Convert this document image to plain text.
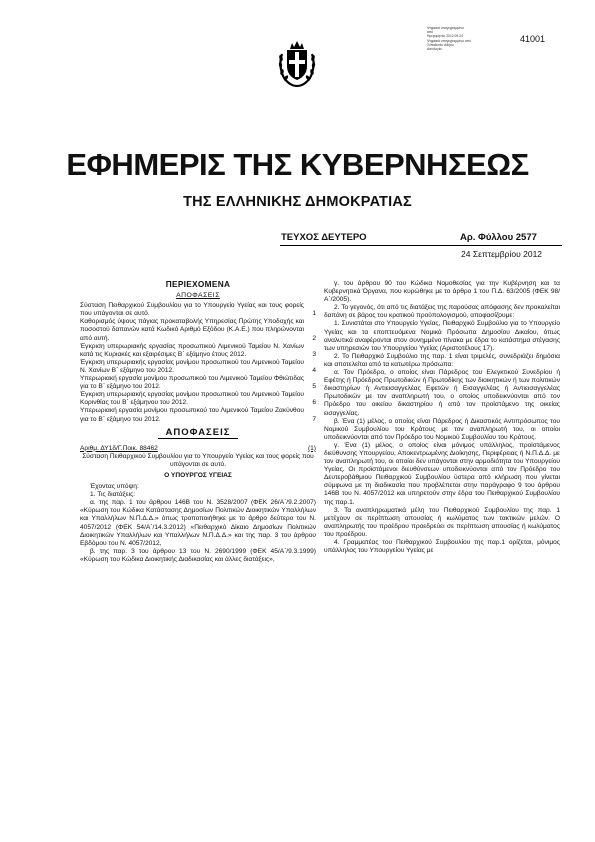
Ψηφιακά υπογεγραμμένο
από
Ημερομηνία: 2012.09.24
Ψηφιακά υπογεγραμμένο από
Τοποθεσία: Αθήνα
Αιτιολογία:
41001
ΕΦΗΜΕΡΙΣ ΤΗΣ ΚΥΒΕΡΝΗΣΕΩΣ
ΤΗΣ ΕΛΛΗΝΙΚΗΣ ΔΗΜΟΚΡΑΤΙΑΣ
ΤΕΥΧΟΣ ΔΕΥΤΕΡΟ	Αρ. Φύλλου 2577
24 Σεπτεμβρίου 2012
ΠΕΡΙΕΧΟΜΕΝΑ
ΑΠΟΦΑΣΕΙΣ
Σύσταση Πειθαρχικού Συμβουλίου για το Υπουργείο Υγείας και τους φορείς που υπάγονται σε αυτό.	1
Καθορισμός ύψους πάγιας προκαταβολής Υπηρεσίας Πρώτης Υποδοχής και ποσοστού δαπανών κατά Κωδικό Αριθμό Εξόδου (Κ.Α.Ε.) που πληρώνονται από αυτή.	2
Έγκριση υπερωριακής εργασίας προσωπικού Λιμενικού Ταμείου Ν. Χανίων κατά τις Κυριακές και εξαιρέσιμες Β΄ εξάμηνο έτους 2012.	3
Έγκριση υπερωριακής εργασίας μονίμου προσωπικού του Λιμενικού Ταμείου Ν. Χανίων Β΄ εξάμηνο του 2012.	4
Υπερωριακή εργασία μονίμου προσωπικού του Λιμενικού Ταμείου Φθιώτιδας για το Β΄ εξάμηνο του 2012.	5
Έγκριση υπερωριακής εργασίας μονίμου προσωπικού του Λιμενικού Ταμείου Κορινθίας του Β΄ εξάμηνου του 2012.	6
Υπερωριακή εργασία μονίμου προσωπικού του Λιμενικού Ταμείου Ζακύνθου για το Β΄ εξάμηνο του 2012.	7
ΑΠΟΦΑΣΕΙΣ
Αριθμ. ΔΥ1δ/Γ.Ποικ. 88462	(1)

Σύσταση Πειθαρχικού Συμβουλίου για το Υπουργείο Υγείας και τους φορείς που υπάγονται σε αυτό.

Ο ΥΠΟΥΡΓΟΣ ΥΓΕΙΑΣ

Έχοντας υπόψη:

1. Τις διατάξεις:

α. της παρ. 1 του άρθρου 146Β του Ν. 3528/2007 (ΦΕΚ 26/Α΄/9.2.2007) «Κύρωση του Κώδικα Κατάστασης Δημοσίων Πολιτικών Διοικητικών Υπαλλήλων και Υπαλλήλων Ν.Π.Δ.Δ.» όπως τροποποιήθηκε με το άρθρο δεύτερο του Ν. 4057/2012 (ΦΕΚ 54/Α΄/14.3.2012) «Πειθαρχικό Δίκαιο Δημοσίων Πολιτικών Διοικητικών Υπαλλήλων και Υπαλλήλων Ν.Π.Δ.Δ.» και της παρ. 3 του άρθρου Εβδόμου του Ν. 4057/2012,

β. της παρ. 3 του άρθρου 13 του Ν. 2690/1999 (ΦΕΚ 45/Α΄/9.3.1999) «Κύρωση του Κώδικα Διοικητικής Διαδικασίας και άλλες διατάξεις»,

γ. του άρθρου 90 του Κώδικα Νομοθεσίας για την Κυβέρνηση και τα Κυβερνητικά Όργανα, που κυρώθηκε με το άρθρο 1 του Π.Δ. 63/2005 (ΦΕΚ 98/Α΄/2005).

2. Το γεγονός, ότι από τις διατάξεις της παρούσας απόφασης δεν προκαλείται δαπάνη σε βάρος του κρατικού προϋπολογισμού, αποφασίζουμε:

1. Συνιστάται στο Υπουργείο Υγείας, Πειθαρχικό Συμβούλιο για το Υπουργείο Υγείας και τα εποπτευόμενα Νομικά Πρόσωπα Δημοσίου Δικαίου, όπως αναλυτικά αναφέρονται στον συνημμένο πίνακα με έδρα το κατάστημα στέγασης των υπηρεσιών του Υπουργείου Υγείας (Αριστοτέλους 17).

2. Το Πειθαρχικό Συμβούλιο της παρ. 1 είναι τριμελές, συνεδριάζει δημόσια και αποτελείται από τα κατωτέρω πρόσωπα:

α. Τον Πρόεδρο, ο οποίος είναι Πάρεδρος του Ελεγκτικού Συνεδρίου ή Εφέτης ή Πρόεδρος Πρωτοδικών ή Πρωτοδίκης των διοικητικών ή των πολιτικών δικαστηρίων ή Αντιεισαγγελέας Εφετών ή Εισαγγελέας ή Αντιεισαγγελέας Πρωτοδικών με τον αναπληρωτή του, ο οποίος υποδεικνύονται από τον Πρόεδρο του οικείου δικαστηρίου ή από τον προϊστάμενο της οικείας εισαγγελίας.

β. Ένα (1) μέλος, ο οποίος είναι Πάρεδρος ή Δικαστικός Αντιπρόσωπος του Νομικού Συμβουλίου του Κράτους με τον αναπληρωτή του, οι οποίοι υποδεικνύονται από τον Πρόεδρο του Νομικού Συμβουλίου του Κράτους.

γ. Ένα (1) μέλος, ο οποίος είναι μόνιμος υπάλληλος, προϊστάμενος διεύθυνσης Υπουργείου, Αποκεντρωμένης Διοίκησης, Περιφέρειας ή Ν.Π.Δ.Δ. με τον αναπληρωτή του, οι οποίοι δεν υπάγονται στην αρμοδιότητα του Υπουργείου Υγείας. Οι προϊστάμενοι διευθύνσεων υποδεικνύονται από τον Πρόεδρο του Δευτεροβάθμιου Πειθαρχικού Συμβουλίου ύστερα από κλήρωση που γίνεται σύμφωνα με τη διαδικασία που προβλέπεται στην παράγραφο 9 του άρθρου 146Β του Ν. 4057/2012 και υπηρετούν στην έδρα του Πειθαρχικού Συμβουλίου της παρ.1.

3. Τα αναπληρωματικά μέλη του Πειθαρχικού Συμβουλίου της παρ. 1 μετέχουν σε περίπτωση απουσίας ή κωλύματος των τακτικών μελών. Ο αναπληρωτής του προέδρου προεδρεύει σε περίπτωση απουσίας ή κωλύματος του προέδρου.

4. Γραμματέας του Πειθαρχικού Συμβουλίου της παρ.1 ορίζεται, μόνιμος υπάλληλος του Υπουργείου Υγείας με
